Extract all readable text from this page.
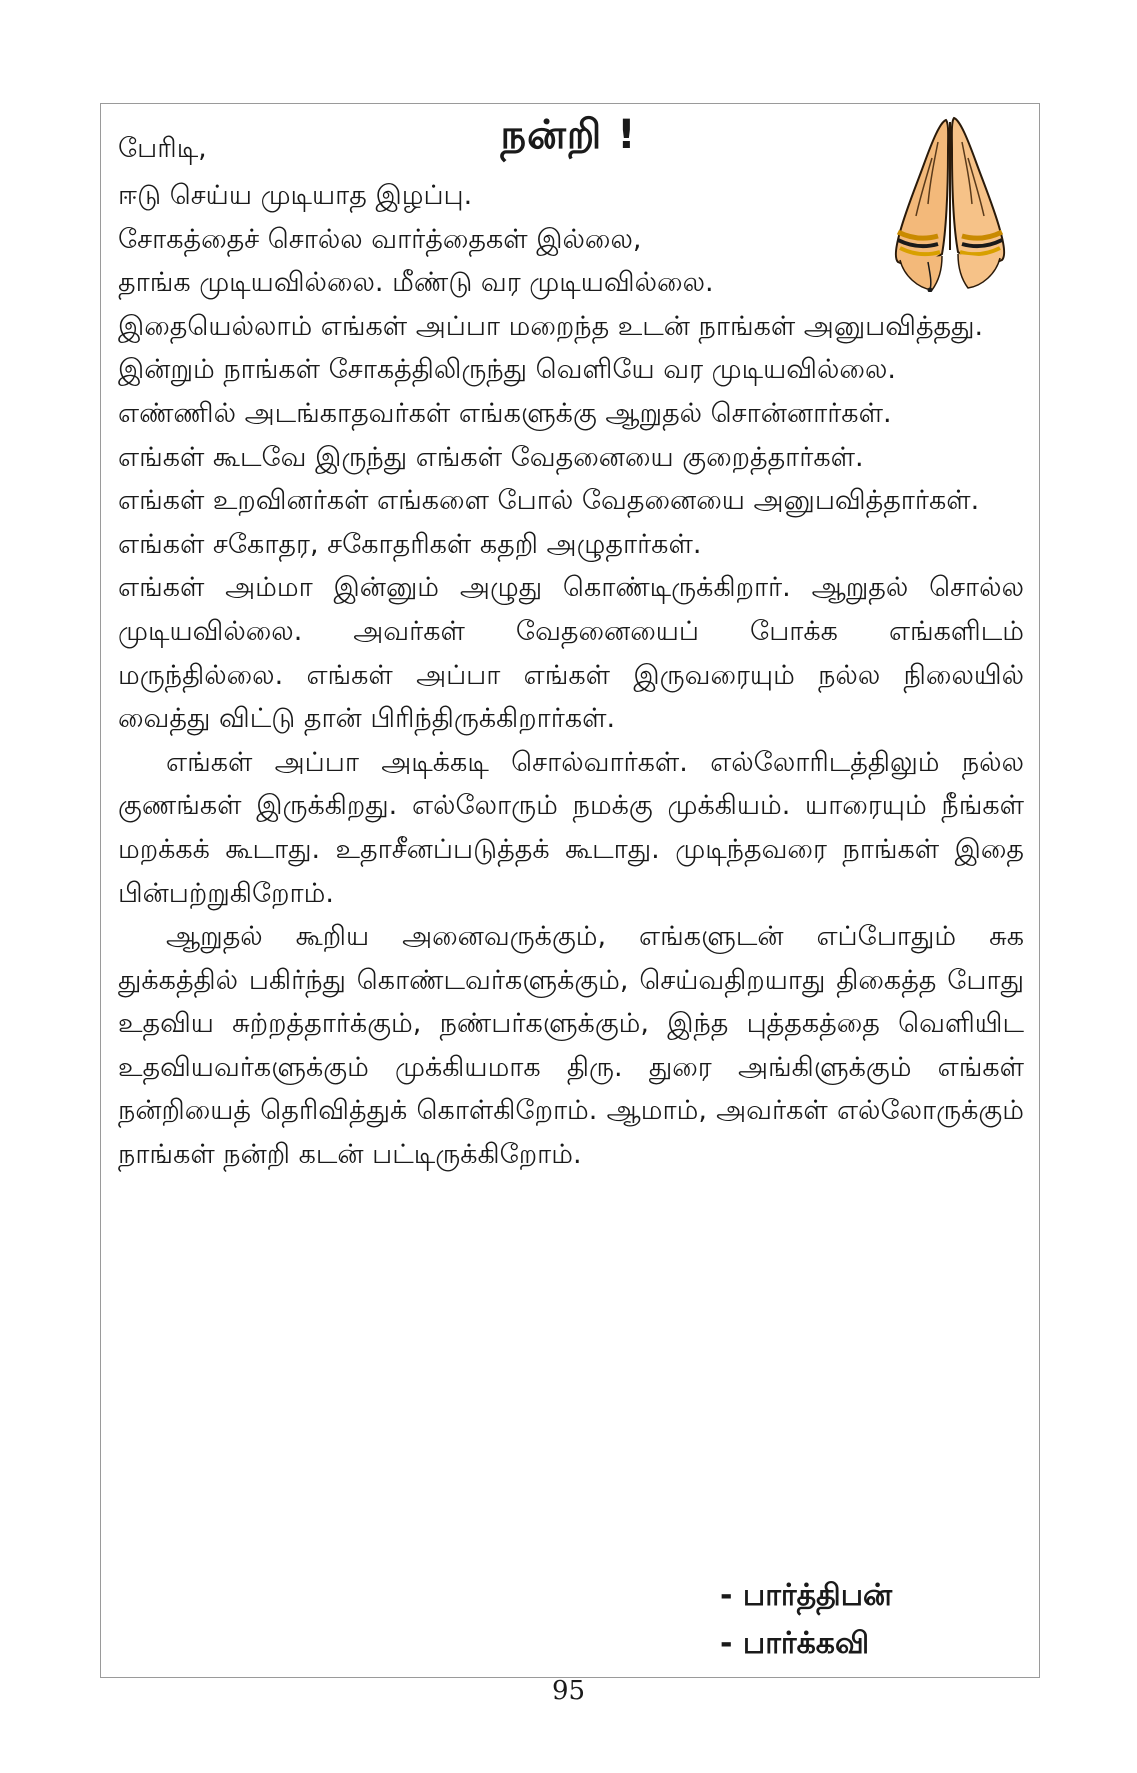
நன்றி !

பேரிடி,

ஈடு செய்ய முடியாத இழப்பு.

சோகத்தைச் சொல்ல வார்த்தைகள் இல்லை,

தாங்க முடியவில்லை. மீண்டு வர முடியவில்லை.

இதையெல்லாம் எங்கள் அப்பா மறைந்த உடன் நாங்கள் அனுபவித்தது.

இன்றும் நாங்கள் சோகத்திலிருந்து வெளியே வர முடியவில்லை.

எண்ணில் அடங்காதவர்கள் எங்களுக்கு ஆறுதல் சொன்னார்கள்.

எங்கள் கூடவே இருந்து எங்கள் வேதனையை குறைத்தார்கள்.

எங்கள் உறவினர்கள் எங்களை போல் வேதனையை அனுபவித்தார்கள்.

எங்கள் சகோதர, சகோதரிகள் கதறி அழுதார்கள்.

எங்கள் அம்மா இன்னும் அழுது கொண்டிருக்கிறார். ஆறுதல் சொல்ல முடியவில்லை. அவர்கள் வேதனையைப் போக்க எங்களிடம் மருந்தில்லை. எங்கள் அப்பா எங்கள் இருவரையும் நல்ல நிலையில் வைத்து விட்டு தான் பிரிந்திருக்கிறார்கள்.

எங்கள் அப்பா அடிக்கடி சொல்வார்கள். எல்லோரிடத்திலும் நல்ல குணங்கள் இருக்கிறது. எல்லோரும் நமக்கு முக்கியம். யாரையும் நீங்கள் மறக்கக் கூடாது. உதாசீனப்படுத்தக் கூடாது. முடிந்தவரை நாங்கள் இதை பின்பற்றுகிறோம்.

ஆறுதல் கூறிய அனைவருக்கும், எங்களுடன் எப்போதும் சுக துக்கத்தில் பகிர்ந்து கொண்டவர்களுக்கும், செய்வதிறயாது திகைத்த போது உதவிய சுற்றத்தார்க்கும், நண்பர்களுக்கும், இந்த புத்தகத்தை வெளியிட உதவியவர்களுக்கும் முக்கியமாக திரு. துரை அங்கிளுக்கும் எங்கள் நன்றியைத் தெரிவித்துக் கொள்கிறோம். ஆமாம், அவர்கள் எல்லோருக்கும் நாங்கள் நன்றி கடன் பட்டிருக்கிறோம்.

- பார்த்திபன்
- பார்க்கவி
95
